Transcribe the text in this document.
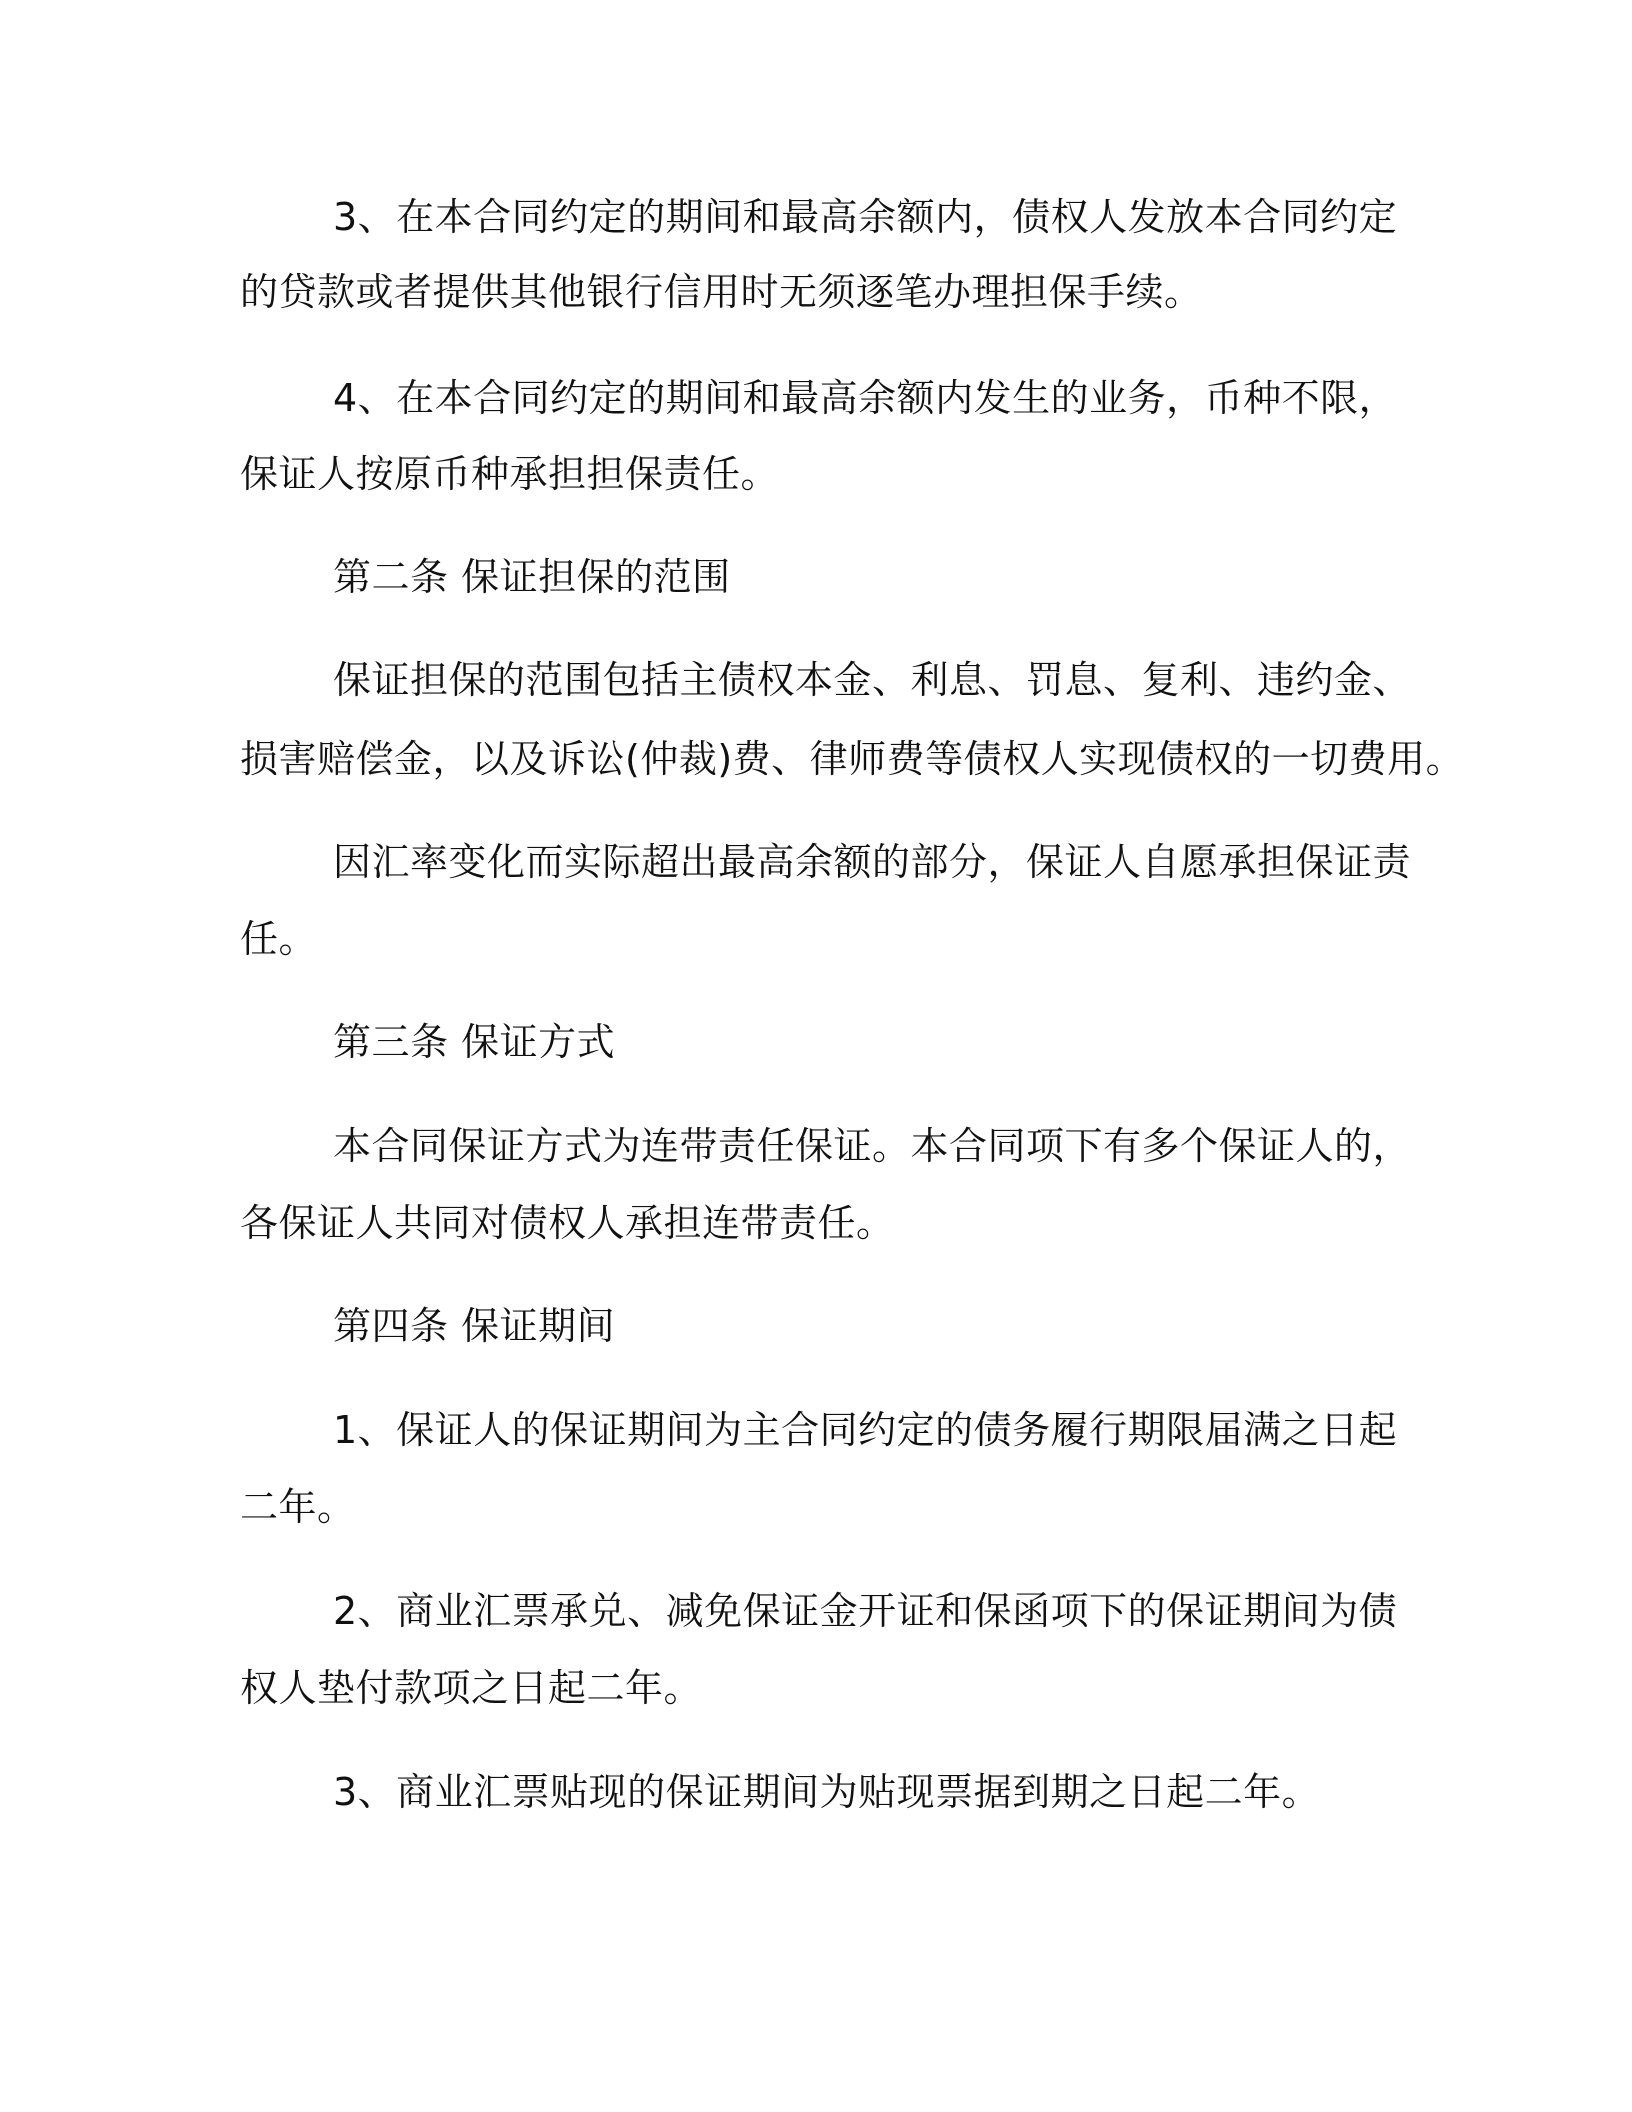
3、在本合同约定的期间和最高余额内，债权人发放本合同约定
的贷款或者提供其他银行信用时无须逐笔办理担保手续。
4、在本合同约定的期间和最高余额内发生的业务，币种不限，
保证人按原币种承担担保责任。
第二条 保证担保的范围
保证担保的范围包括主债权本金、利息、罚息、复利、违约金、
损害赔偿金，以及诉讼(仲裁)费、律师费等债权人实现债权的一切费用。
因汇率变化而实际超出最高余额的部分，保证人自愿承担保证责
任。
第三条 保证方式
本合同保证方式为连带责任保证。本合同项下有多个保证人的，
各保证人共同对债权人承担连带责任。
第四条 保证期间
1、保证人的保证期间为主合同约定的债务履行期限届满之日起
二年。
2、商业汇票承兑、减免保证金开证和保函项下的保证期间为债
权人垫付款项之日起二年。
3、商业汇票贴现的保证期间为贴现票据到期之日起二年。
